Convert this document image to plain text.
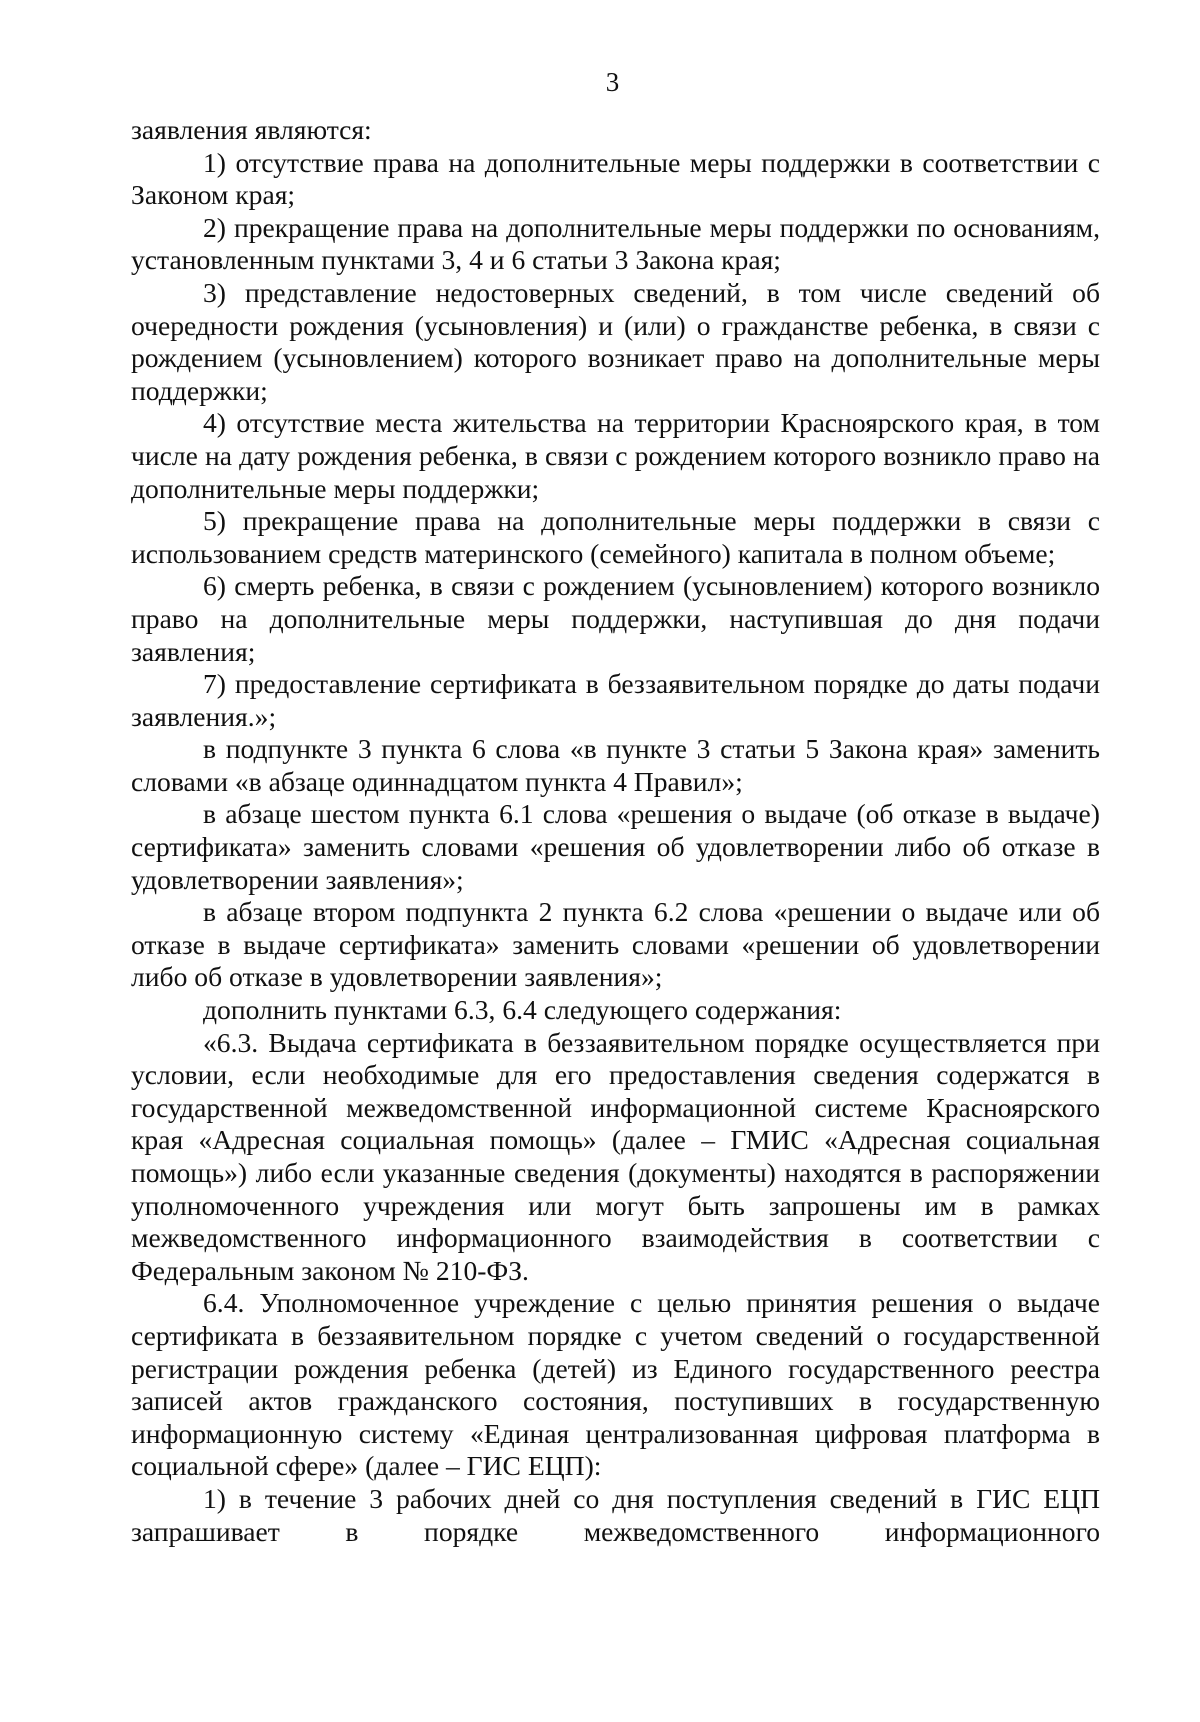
3

заявления являются:

1) отсутствие права на дополнительные меры поддержки в соответствии с Законом края;

2) прекращение права на дополнительные меры поддержки по основаниям, установленным пунктами 3, 4 и 6 статьи 3 Закона края;

3) представление недостоверных сведений, в том числе сведений об очередности рождения (усыновления) и (или) о гражданстве ребенка, в связи с рождением (усыновлением) которого возникает право на дополнительные меры поддержки;

4) отсутствие места жительства на территории Красноярского края, в том числе на дату рождения ребенка, в связи с рождением которого возникло право на дополнительные меры поддержки;

5) прекращение права на дополнительные меры поддержки в связи с использованием средств материнского (семейного) капитала в полном объеме;

6) смерть ребенка, в связи с рождением (усыновлением) которого возникло право на дополнительные меры поддержки, наступившая до дня подачи заявления;

7) предоставление сертификата в беззаявительном порядке до даты подачи заявления.»;

в подпункте 3 пункта 6 слова «в пункте 3 статьи 5 Закона края» заменить словами «в абзаце одиннадцатом пункта 4 Правил»;

в абзаце шестом пункта 6.1 слова «решения о выдаче (об отказе в выдаче) сертификата» заменить словами «решения об удовлетворении либо об отказе в удовлетворении заявления»;

в абзаце втором подпункта 2 пункта 6.2 слова «решении о выдаче или об отказе в выдаче сертификата» заменить словами «решении об удовлетворении либо об отказе в удовлетворении заявления»;

дополнить пунктами 6.3, 6.4 следующего содержания:

«6.3. Выдача сертификата в беззаявительном порядке осуществляется при условии, если необходимые для его предоставления сведения содержатся в государственной межведомственной информационной системе Красноярского края «Адресная социальная помощь» (далее – ГМИС «Адресная социальная помощь») либо если указанные сведения (документы) находятся в распоряжении уполномоченного учреждения или могут быть запрошены им в рамках межведомственного информационного взаимодействия в соответствии с Федеральным законом № 210-ФЗ.

6.4. Уполномоченное учреждение с целью принятия решения о выдаче сертификата в беззаявительном порядке с учетом сведений о государственной регистрации рождения ребенка (детей) из Единого государственного реестра записей актов гражданского состояния, поступивших в государственную информационную систему «Единая централизованная цифровая платформа в социальной сфере» (далее – ГИС ЕЦП):

1) в течение 3 рабочих дней со дня поступления сведений в ГИС ЕЦП запрашивает в порядке межведомственного информационного
